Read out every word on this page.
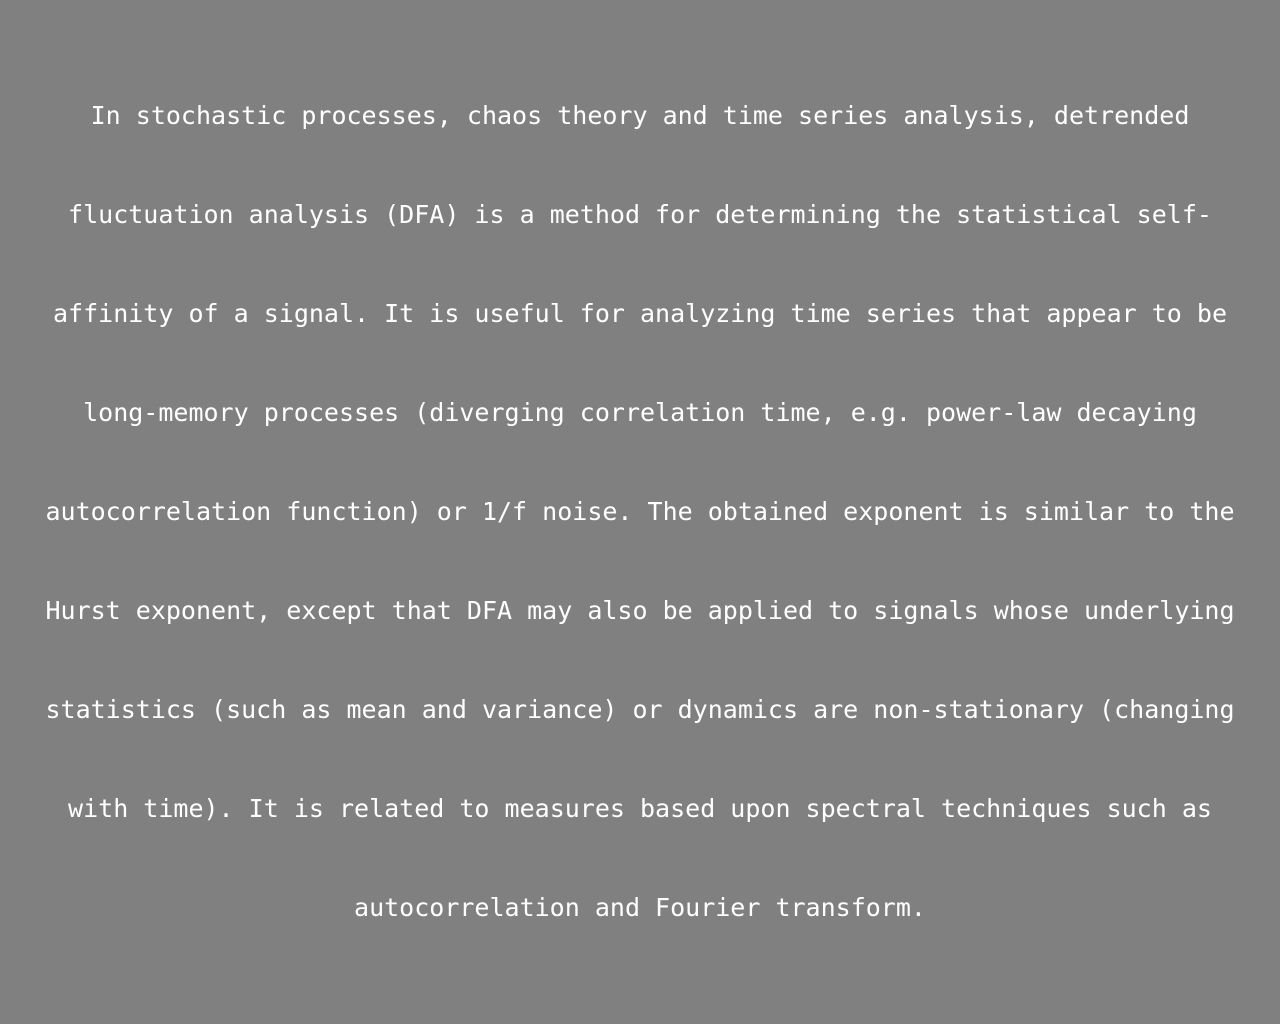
In stochastic processes, chaos theory and time series analysis, detrended
fluctuation analysis (DFA) is a method for determining the statistical self-
affinity of a signal. It is useful for analyzing time series that appear to be
long-memory processes (diverging correlation time, e.g. power-law decaying
autocorrelation function) or 1/f noise. The obtained exponent is similar to the
Hurst exponent, except that DFA may also be applied to signals whose underlying
statistics (such as mean and variance) or dynamics are non-stationary (changing
with time). It is related to measures based upon spectral techniques such as
autocorrelation and Fourier transform.
